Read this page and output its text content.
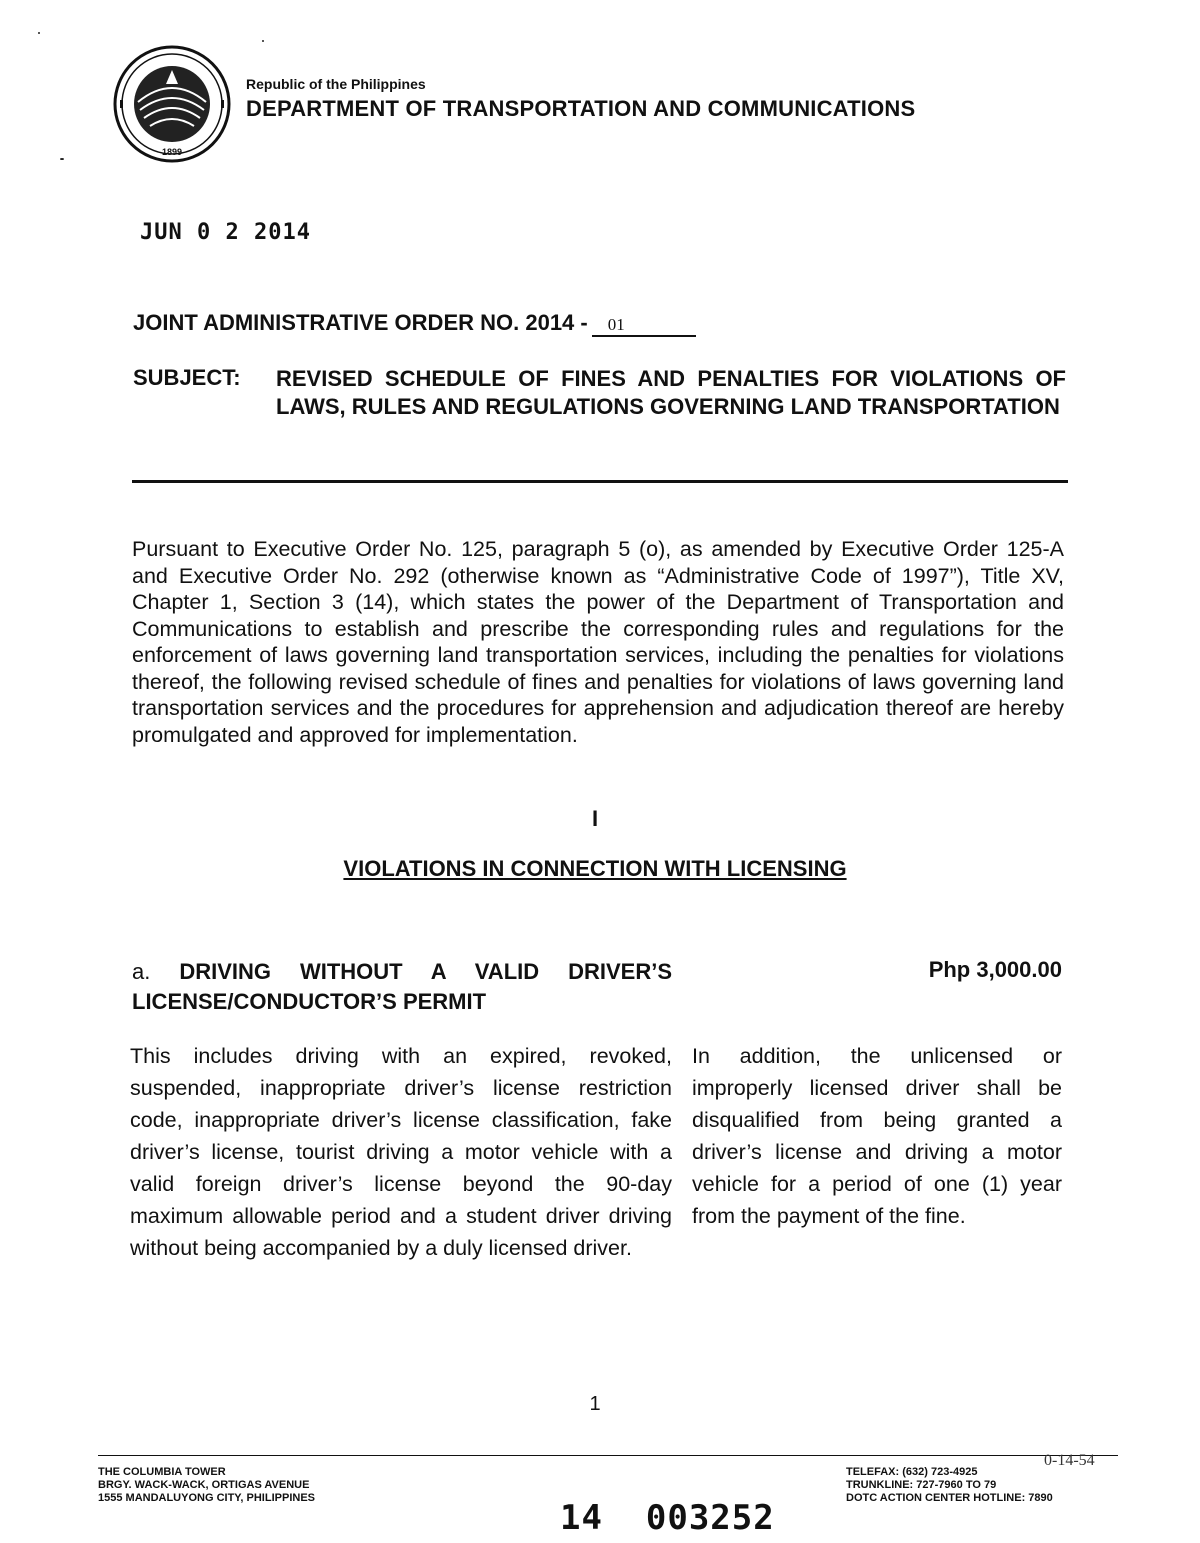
1899
Republic of the Philippines
DEPARTMENT OF TRANSPORTATION AND COMMUNICATIONS
JUN 0 2 2014
JOINT ADMINISTRATIVE ORDER NO. 2014 - 01
SUBJECT: REVISED SCHEDULE OF FINES AND PENALTIES FOR VIOLATIONS OF LAWS, RULES AND REGULATIONS GOVERNING LAND TRANSPORTATION
Pursuant to Executive Order No. 125, paragraph 5 (o), as amended by Executive Order 125-A and Executive Order No. 292 (otherwise known as “Administrative Code of 1997”), Title XV, Chapter 1, Section 3 (14), which states the power of the Department of Transportation and Communications to establish and prescribe the corresponding rules and regulations for the enforcement of laws governing land transportation services, including the penalties for violations thereof, the following revised schedule of fines and penalties for violations of laws governing land transportation services and the procedures for apprehension and adjudication thereof are hereby promulgated and approved for implementation.
I
VIOLATIONS IN CONNECTION WITH LICENSING
a. DRIVING WITHOUT A VALID DRIVER’S
LICENSE/CONDUCTOR’S PERMIT
Php 3,000.00
This includes driving with an expired, revoked, suspended, inappropriate driver’s license restriction code, inappropriate driver’s license classification, fake driver’s license, tourist driving a motor vehicle with a valid foreign driver’s license beyond the 90-day maximum allowable period and a student driver driving without being accompanied by a duly licensed driver.
In addition, the unlicensed or improperly licensed driver shall be disqualified from being granted a driver’s license and driving a motor vehicle for a period of one (1) year from the payment of the fine.
1
THE COLUMBIA TOWER
BRGY. WACK-WACK, ORTIGAS AVENUE
1555 MANDALUYONG CITY, PHILIPPINES
TELEFAX: (632) 723-4925
TRUNKLINE: 727-7960 TO 79
DOTC ACTION CENTER HOTLINE: 7890
0-14-54
14  003252
